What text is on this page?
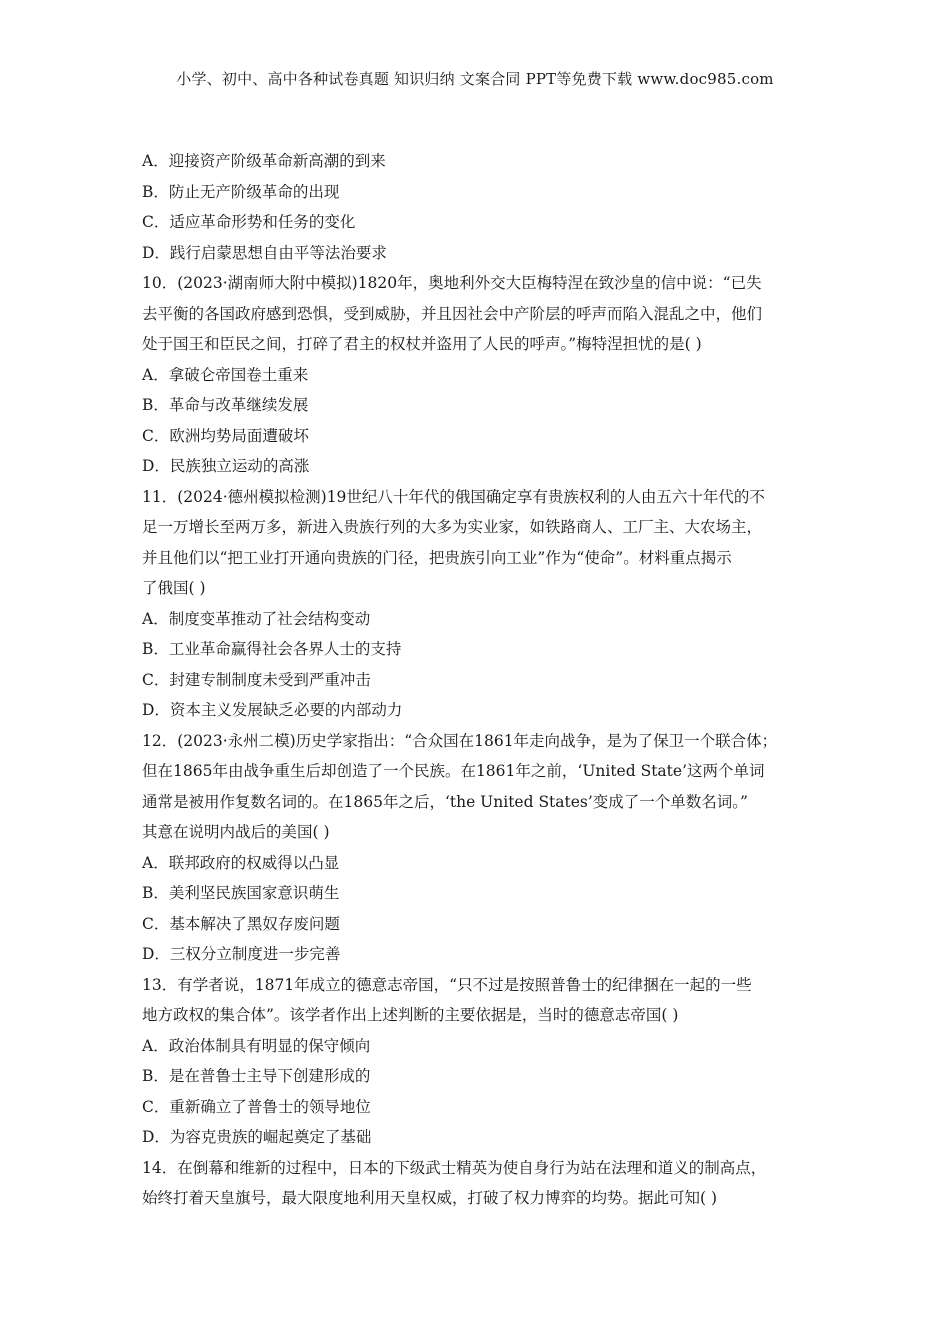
小学、初中、高中各种试卷真题 知识归纳 文案合同 PPT等免费下载 www.doc985.com
A．迎接资产阶级革命新高潮的到来
B．防止无产阶级革命的出现
C．适应革命形势和任务的变化
D．践行启蒙思想自由平等法治要求
10．(2023·湖南师大附中模拟)1820年，奥地利外交大臣梅特涅在致沙皇的信中说：“已失
去平衡的各国政府感到恐惧，受到威胁，并且因社会中产阶层的呼声而陷入混乱之中，他们
处于国王和臣民之间，打碎了君主的权杖并盗用了人民的呼声。”梅特涅担忧的是( )
A．拿破仑帝国卷土重来
B．革命与改革继续发展
C．欧洲均势局面遭破坏
D．民族独立运动的高涨
11．(2024·德州模拟检测)19世纪八十年代的俄国确定享有贵族权利的人由五六十年代的不
足一万增长至两万多，新进入贵族行列的大多为实业家，如铁路商人、工厂主、大农场主，
并且他们以“把工业打开通向贵族的门径，把贵族引向工业”作为“使命”。材料重点揭示
了俄国( )
A．制度变革推动了社会结构变动
B．工业革命赢得社会各界人士的支持
C．封建专制制度未受到严重冲击
D．资本主义发展缺乏必要的内部动力
12．(2023·永州二模)历史学家指出：“合众国在1861年走向战争，是为了保卫一个联合体；
但在1865年由战争重生后却创造了一个民族。在1861年之前，‘United State’这两个单词
通常是被用作复数名词的。在1865年之后，‘the United States’变成了一个单数名词。”
其意在说明内战后的美国( )
A．联邦政府的权威得以凸显
B．美利坚民族国家意识萌生
C．基本解决了黑奴存废问题
D．三权分立制度进一步完善
13．有学者说，1871年成立的德意志帝国，“只不过是按照普鲁士的纪律捆在一起的一些
地方政权的集合体”。该学者作出上述判断的主要依据是，当时的德意志帝国( )
A．政治体制具有明显的保守倾向
B．是在普鲁士主导下创建形成的
C．重新确立了普鲁士的领导地位
D．为容克贵族的崛起奠定了基础
14．在倒幕和维新的过程中，日本的下级武士精英为使自身行为站在法理和道义的制高点，
始终打着天皇旗号，最大限度地利用天皇权威，打破了权力博弈的均势。据此可知( )
